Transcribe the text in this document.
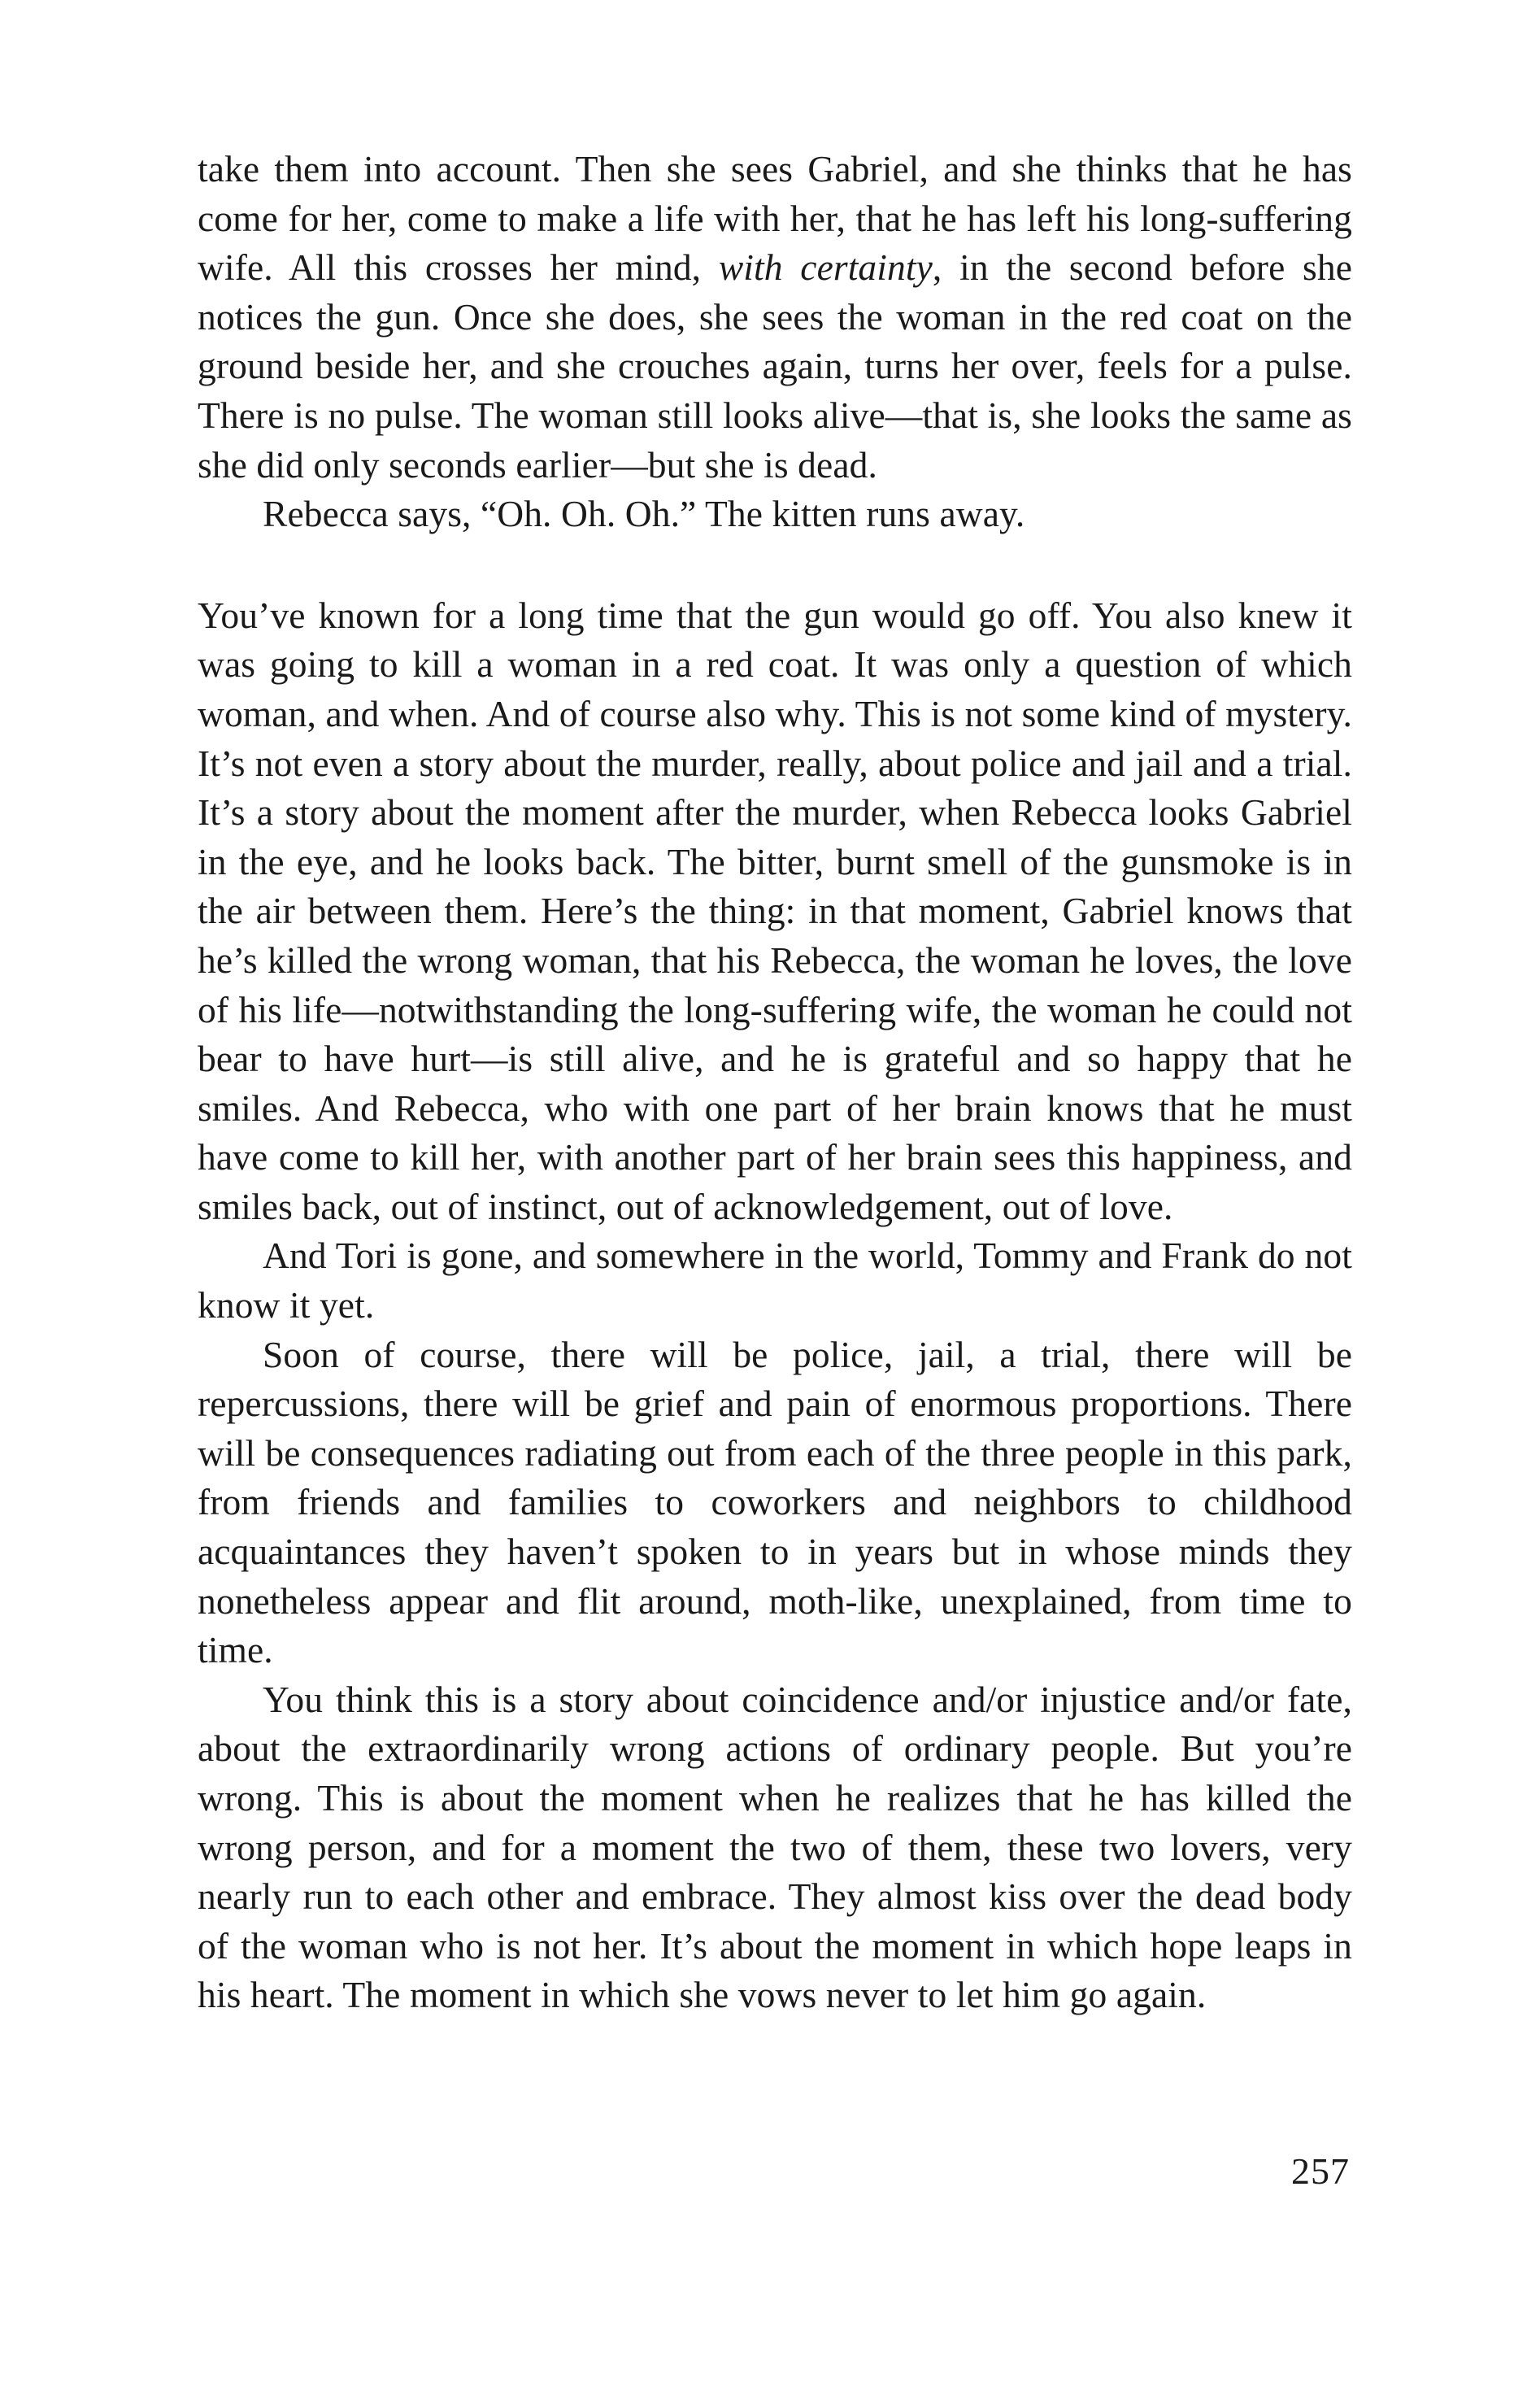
take them into account. Then she sees Gabriel, and she thinks that he has come for her, come to make a life with her, that he has left his long-suffering wife. All this crosses her mind, with certainty, in the second before she notices the gun. Once she does, she sees the woman in the red coat on the ground beside her, and she crouches again, turns her over, feels for a pulse. There is no pulse. The woman still looks alive—that is, she looks the same as she did only seconds earlier—but she is dead.

Rebecca says, “Oh. Oh. Oh.” The kitten runs away.

You’ve known for a long time that the gun would go off. You also knew it was going to kill a woman in a red coat. It was only a question of which woman, and when. And of course also why. This is not some kind of mystery. It’s not even a story about the murder, really, about police and jail and a trial. It’s a story about the moment after the murder, when Rebecca looks Gabriel in the eye, and he looks back. The bitter, burnt smell of the gunsmoke is in the air between them. Here’s the thing: in that moment, Gabriel knows that he’s killed the wrong woman, that his Rebecca, the woman he loves, the love of his life—notwithstanding the long-suffering wife, the woman he could not bear to have hurt—is still alive, and he is grateful and so happy that he smiles. And Rebecca, who with one part of her brain knows that he must have come to kill her, with another part of her brain sees this happiness, and smiles back, out of instinct, out of acknowledgement, out of love.

And Tori is gone, and somewhere in the world, Tommy and Frank do not know it yet.

Soon of course, there will be police, jail, a trial, there will be repercussions, there will be grief and pain of enormous proportions. There will be consequences radiating out from each of the three people in this park, from friends and families to coworkers and neighbors to childhood acquaintances they haven’t spoken to in years but in whose minds they nonetheless appear and flit around, moth-like, unexplained, from time to time.

You think this is a story about coincidence and/or injustice and/or fate, about the extraordinarily wrong actions of ordinary people. But you’re wrong. This is about the moment when he realizes that he has killed the wrong person, and for a moment the two of them, these two lovers, very nearly run to each other and embrace. They almost kiss over the dead body of the woman who is not her. It’s about the moment in which hope leaps in his heart. The moment in which she vows never to let him go again.

257
